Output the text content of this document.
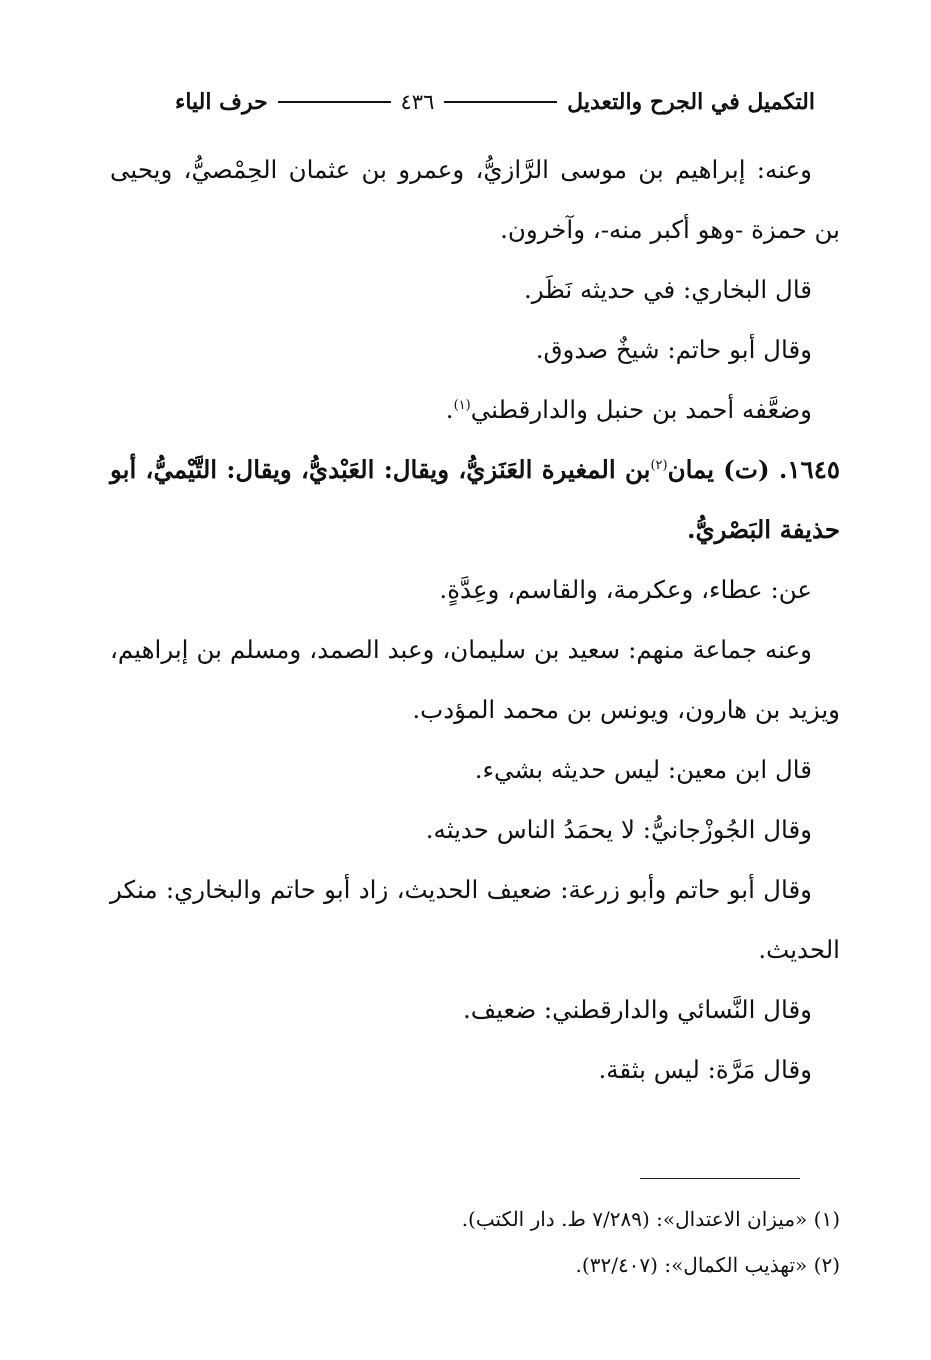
التكميل في الجرح والتعديل
٤٣٦
حرف الياء

وعنه: إبراهيم بن موسى الرَّازيُّ، وعمرو بن عثمان الحِمْصيُّ، ويحيى بن حمزة -وهو أكبر منه-، وآخرون.

قال البخاري: في حديثه نَظَر.

وقال أبو حاتم: شيخٌ صدوق.

وضعَّفه أحمد بن حنبل والدارقطني$^{(١)}$.

١٦٤٥. (ت) يمان$^{(٢)}$بن المغيرة العَنَزيُّ، ويقال: العَبْديُّ، ويقال: التَّيْميُّ، أبو حذيفة البَصْريُّ.

عن: عطاء، وعكرمة، والقاسم، وعِدَّةٍ.

وعنه جماعة منهم: سعيد بن سليمان، وعبد الصمد، ومسلم بن إبراهيم، ويزيد بن هارون، ويونس بن محمد المؤدب.

قال ابن معين: ليس حديثه بشيء.

وقال الجُوزْجانيُّ: لا يحمَدُ الناس حديثه.

وقال أبو حاتم وأبو زرعة: ضعيف الحديث، زاد أبو حاتم والبخاري: منكر الحديث.

وقال النَّسائي والدارقطني: ضعيف.

وقال مَرَّة: ليس بثقة.

(١) «ميزان الاعتدال»: (٧/٢٨٩ ط. دار الكتب).

(٢) «تهذيب الكمال»: (٣٢/٤٠٧).
